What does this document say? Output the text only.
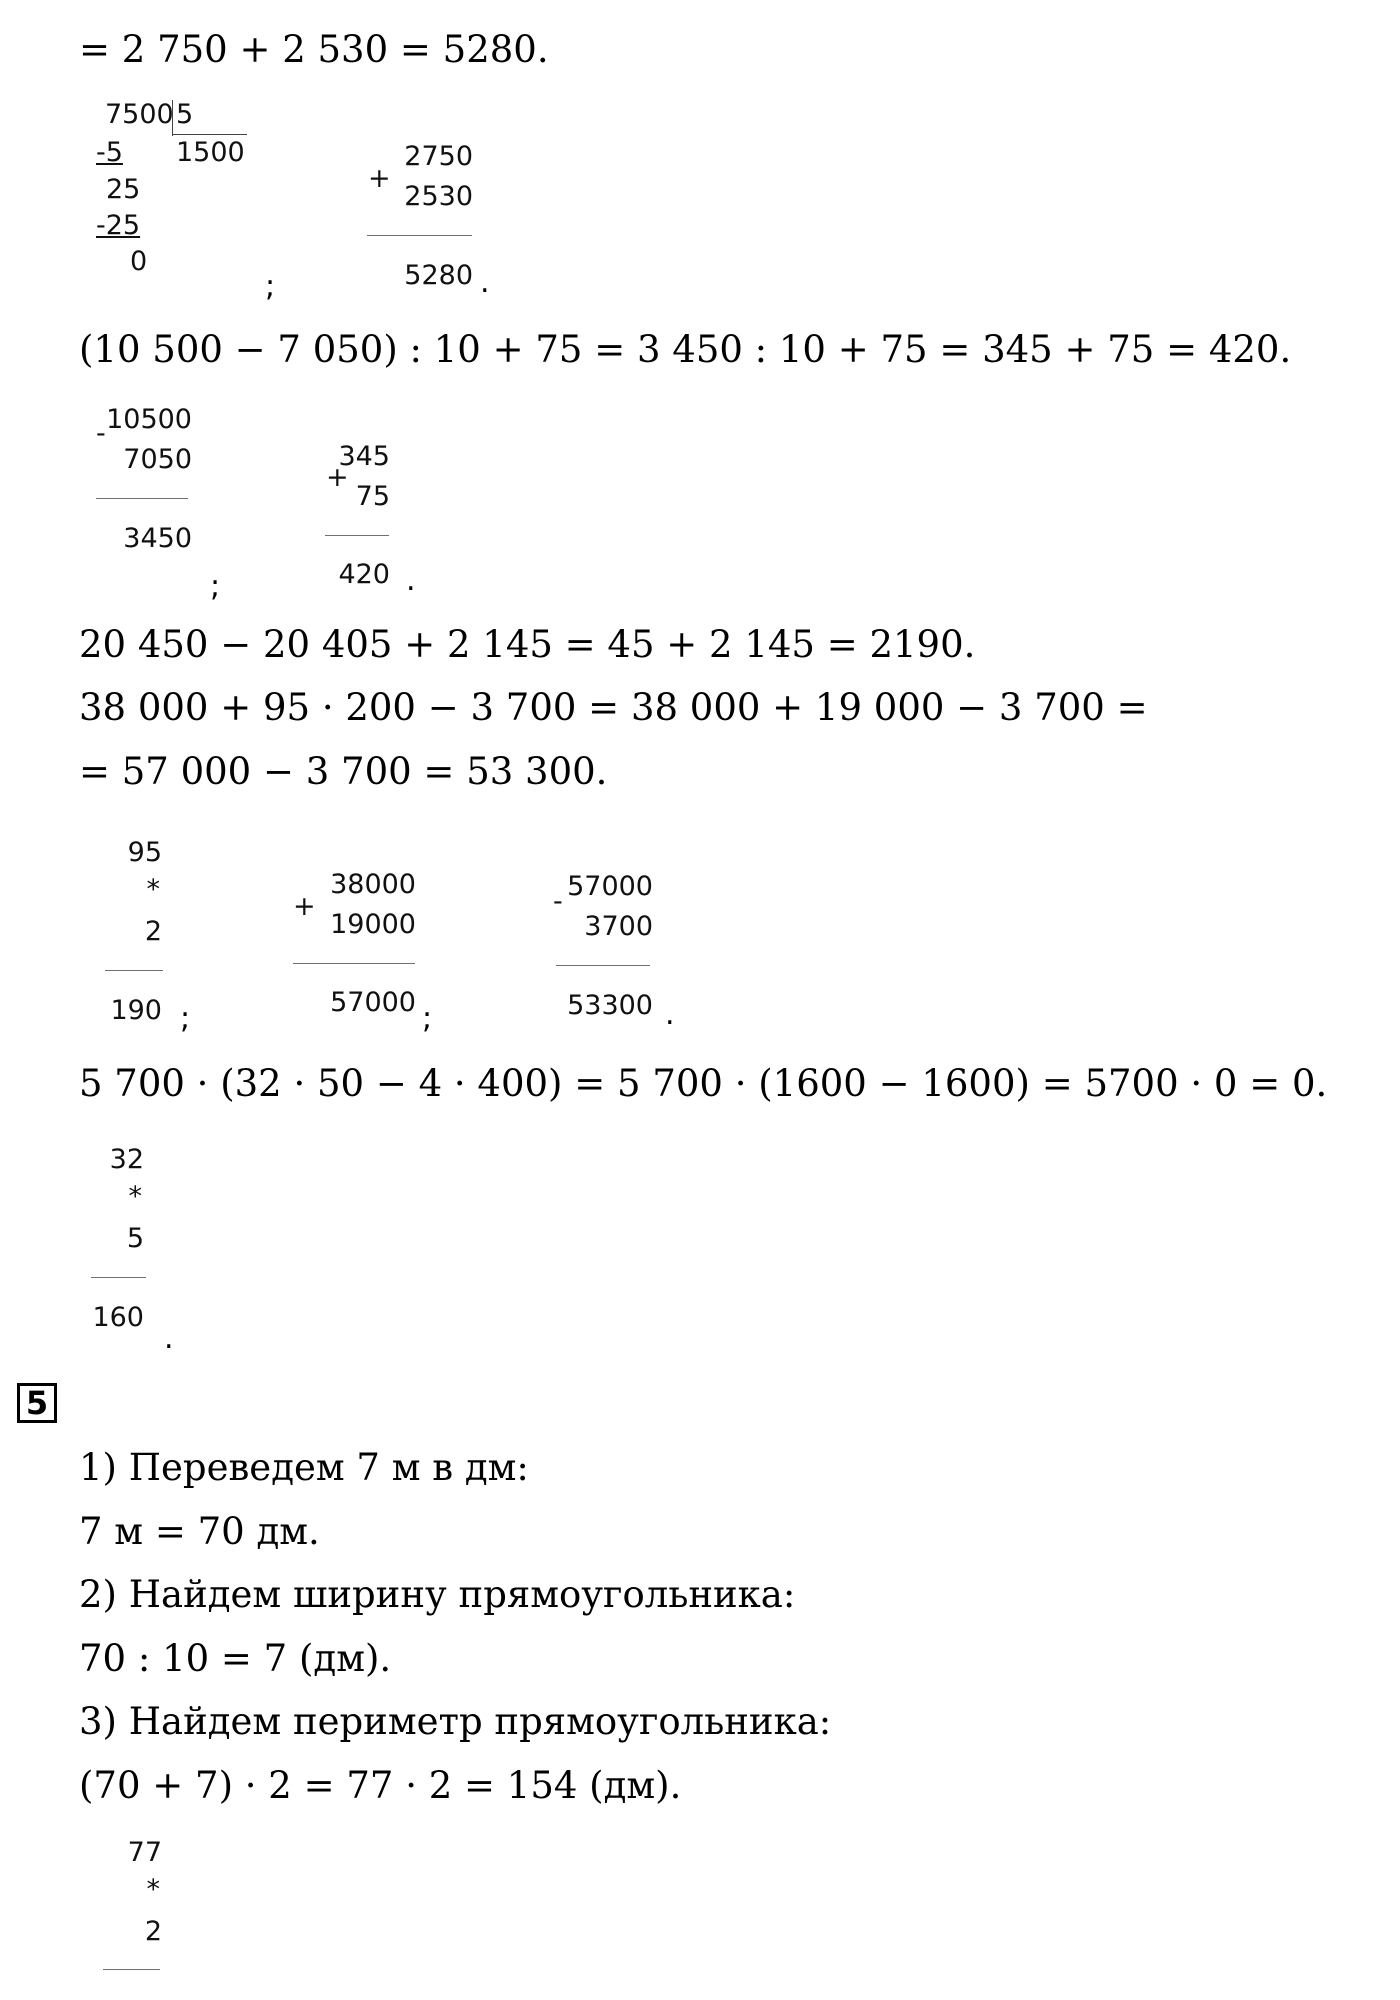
= 2 750 + 2 530 = 5280.

7500 5
1500
-5
25
-25
0
;
+
2750
2530
5280 .

(10 500 − 7 050) : 10 + 75 = 3 450 : 10 + 75 = 345 + 75 = 420.

- 10500
7050
3450
;
+
345
75
420 .

20 450 − 20 405 + 2 145 = 45 + 2 145 = 2190.

38 000 + 95 · 200 − 3 700 = 38 000 + 19 000 − 3 700 =

= 57 000 − 3 700 = 53 300.

95
*
2
190 ;
+
38000
19000
57000 ;
- 57000
3700
53300 .

5 700 · (32 · 50 − 4 · 400) = 5 700 · (1600 − 1600) = 5700 · 0 = 0.

32
*
5
160
.
5

1) Переведем 7 м в дм:

7 м = 70 дм.

2) Найдем ширину прямоугольника:

70 : 10 = 7 (дм).

3) Найдем периметр прямоугольника:

(70 + 7) · 2 = 77 · 2 = 154 (дм).

77
*
2
